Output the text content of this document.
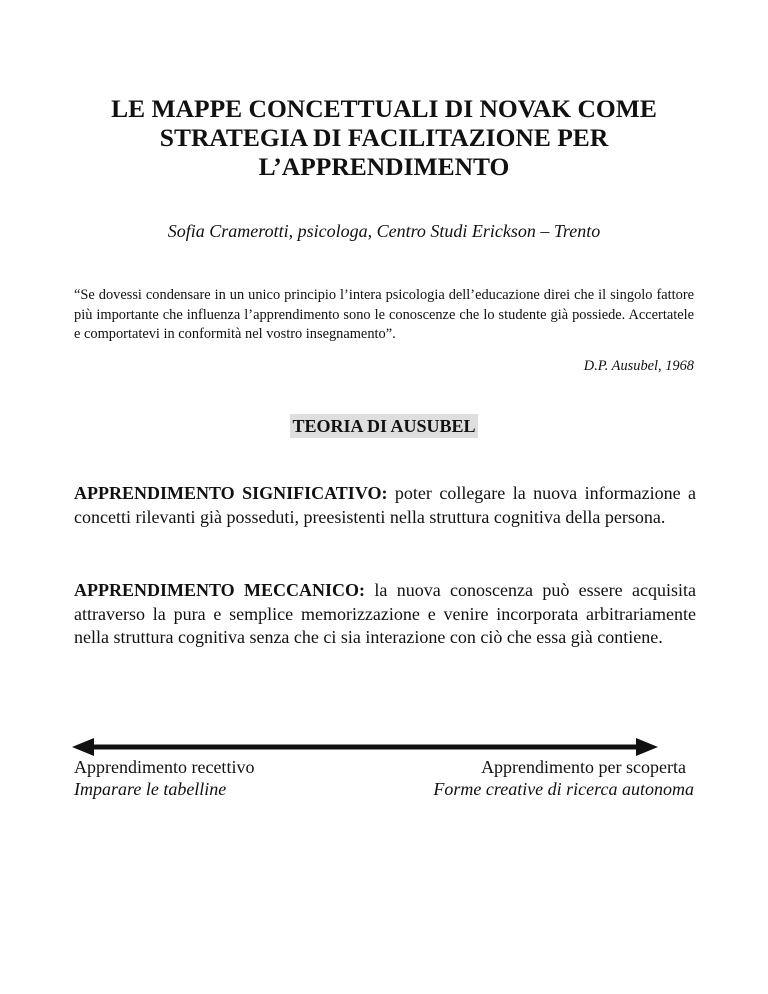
LE MAPPE CONCETTUALI DI NOVAK COME
STRATEGIA DI FACILITAZIONE PER
L’APPRENDIMENTO
Sofia Cramerotti, psicologa, Centro Studi Erickson – Trento
“Se dovessi condensare in un unico principio l’intera psicologia dell’educazione direi che il singolo fattore più importante che influenza l’apprendimento sono le conoscenze che lo studente già possiede. Accertatele e comportatevi in conformità nel vostro insegnamento”.
D.P. Ausubel, 1968
TEORIA DI AUSUBEL
APPRENDIMENTO SIGNIFICATIVO: poter collegare la nuova informazione a concetti rilevanti già posseduti, preesistenti nella struttura cognitiva della persona.
APPRENDIMENTO MECCANICO: la nuova conoscenza può essere acquisita attraverso la pura e semplice memorizzazione e venire incorporata arbitrariamente nella struttura cognitiva senza che ci sia interazione con ciò che essa già contiene.
Apprendimento recettivo
Imparare le tabelline
Apprendimento per scoperta
Forme creative di ricerca autonoma
